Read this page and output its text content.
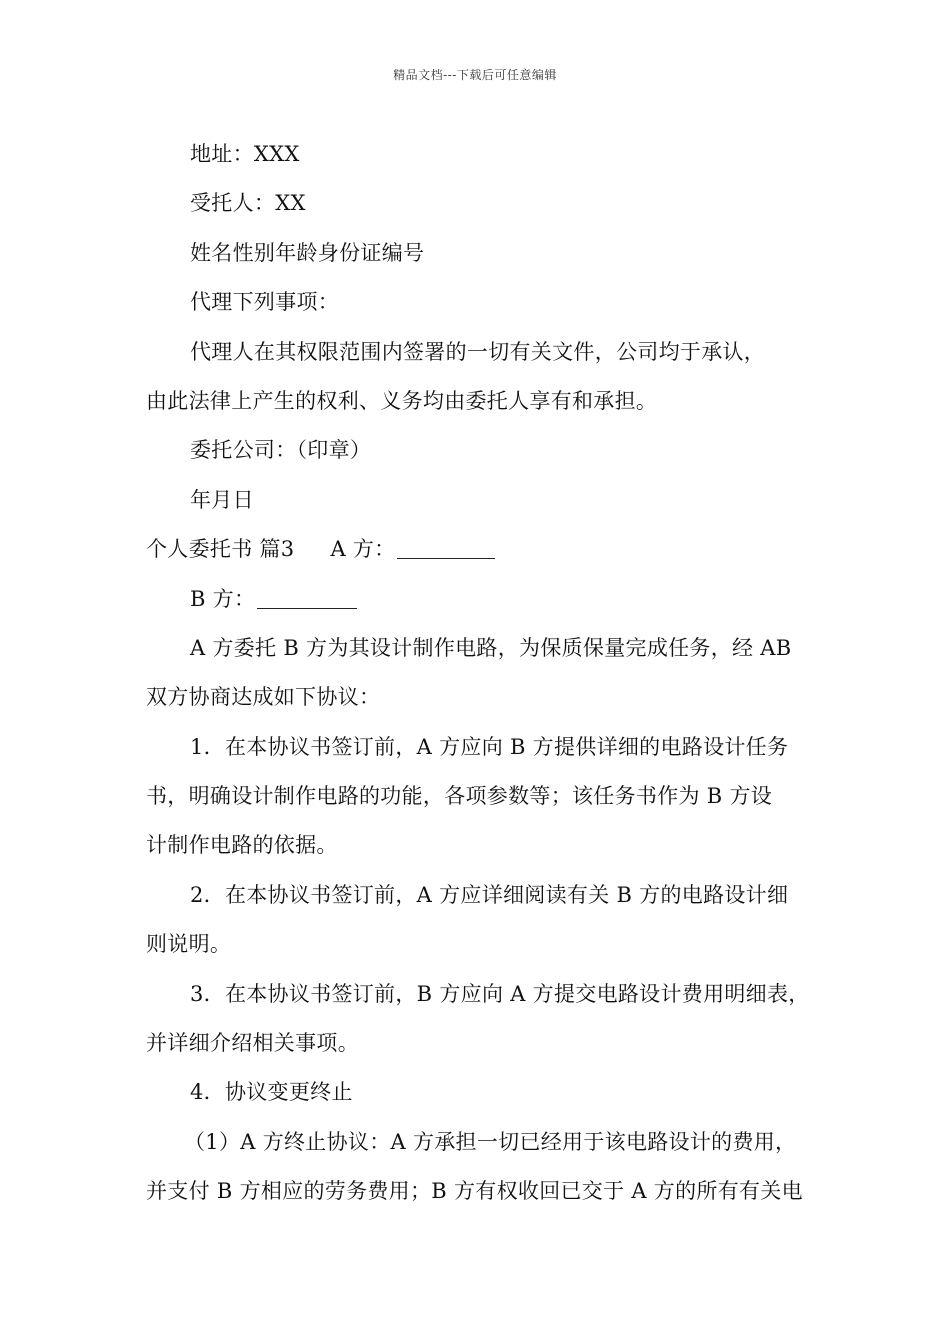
精品文档---下载后可任意编辑
地址：XXX
受托人：XX
姓名性别年龄身份证编号
代理下列事项：
代理人在其权限范围内签署的一切有关文件，公司均于承认，
由此法律上产生的权利、义务均由委托人享有和承担。
委托公司：（印章）
年月日
个人委托书 篇3 A 方：
B 方：
A 方委托 B 方为其设计制作电路，为保质保量完成任务，经 AB
双方协商达成如下协议：
1．在本协议书签订前，A 方应向 B 方提供详细的电路设计任务
书，明确设计制作电路的功能，各项参数等；该任务书作为 B 方设
计制作电路的依据。
2．在本协议书签订前，A 方应详细阅读有关 B 方的电路设计细
则说明。
3．在本协议书签订前，B 方应向 A 方提交电路设计费用明细表，
并详细介绍相关事项。
4．协议变更终止
（1）A 方终止协议：A 方承担一切已经用于该电路设计的费用，
并支付 B 方相应的劳务费用；B 方有权收回已交于 A 方的所有有关电
